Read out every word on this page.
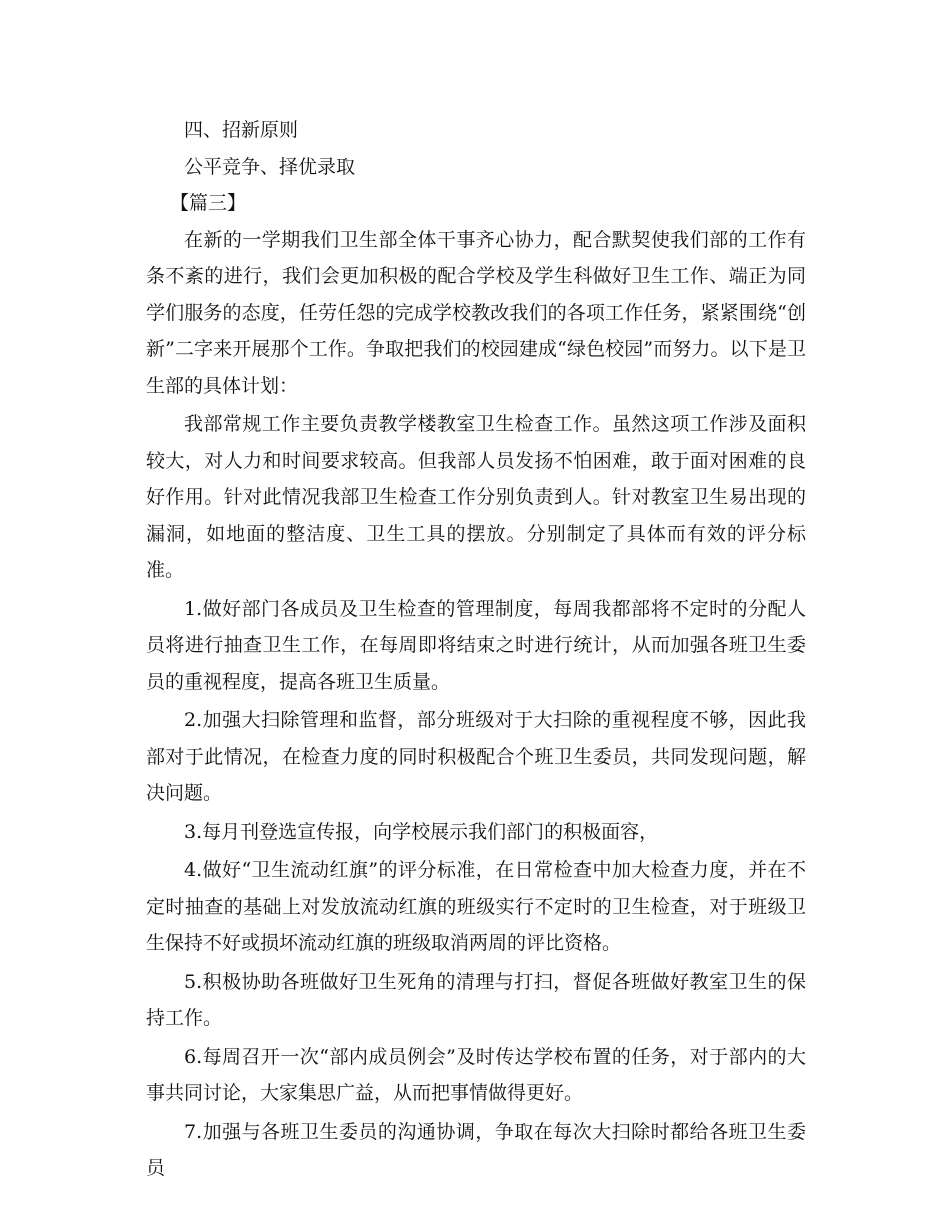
四、招新原则
公平竞争、择优录取
【篇三】
在新的一学期我们卫生部全体干事齐心协力，配合默契使我们部的工作有条不紊的进行，我们会更加积极的配合学校及学生科做好卫生工作、端正为同学们服务的态度，任劳任怨的完成学校教改我们的各项工作任务，紧紧围绕“创新”二字来开展那个工作。争取把我们的校园建成“绿色校园”而努力。以下是卫生部的具体计划：
我部常规工作主要负责教学楼教室卫生检查工作。虽然这项工作涉及面积较大，对人力和时间要求较高。但我部人员发扬不怕困难，敢于面对困难的良好作用。针对此情况我部卫生检查工作分别负责到人。针对教室卫生易出现的漏洞，如地面的整洁度、卫生工具的摆放。分别制定了具体而有效的评分标准。
1.做好部门各成员及卫生检查的管理制度，每周我都部将不定时的分配人员将进行抽查卫生工作，在每周即将结束之时进行统计，从而加强各班卫生委员的重视程度，提高各班卫生质量。
2.加强大扫除管理和监督，部分班级对于大扫除的重视程度不够，因此我部对于此情况，在检查力度的同时积极配合个班卫生委员，共同发现问题，解决问题。
3.每月刊登选宣传报，向学校展示我们部门的积极面容，
4.做好“卫生流动红旗”的评分标准，在日常检查中加大检查力度，并在不定时抽查的基础上对发放流动红旗的班级实行不定时的卫生检查，对于班级卫生保持不好或损坏流动红旗的班级取消两周的评比资格。
5.积极协助各班做好卫生死角的清理与打扫，督促各班做好教室卫生的保持工作。
6.每周召开一次“部内成员例会”及时传达学校布置的任务，对于部内的大事共同讨论，大家集思广益，从而把事情做得更好。
7.加强与各班卫生委员的沟通协调，争取在每次大扫除时都给各班卫生委员
